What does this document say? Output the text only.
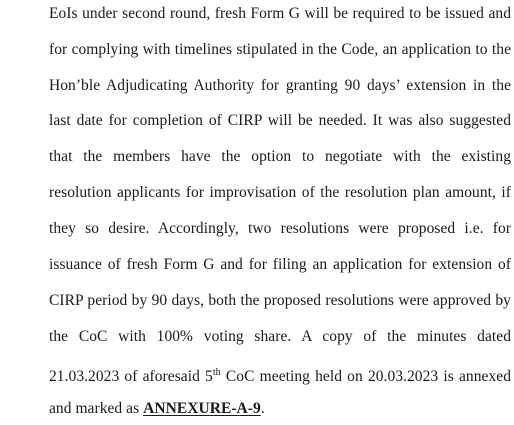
EoIs under second round, fresh Form G will be required to be issued and
for complying with timelines stipulated in the Code, an application to the
Hon’ble Adjudicating Authority for granting 90 days’ extension in the
last date for completion of CIRP will be needed. It was also suggested
that the members have the option to negotiate with the existing
resolution applicants for improvisation of the resolution plan amount, if
they so desire. Accordingly, two resolutions were proposed i.e. for
issuance of fresh Form G and for filing an application for extension of
CIRP period by 90 days, both the proposed resolutions were approved by
the CoC with 100% voting share. A copy of the minutes dated
21.03.2023 of aforesaid 5th CoC meeting held on 20.03.2023 is annexed
and marked as ANNEXURE-A-9.
